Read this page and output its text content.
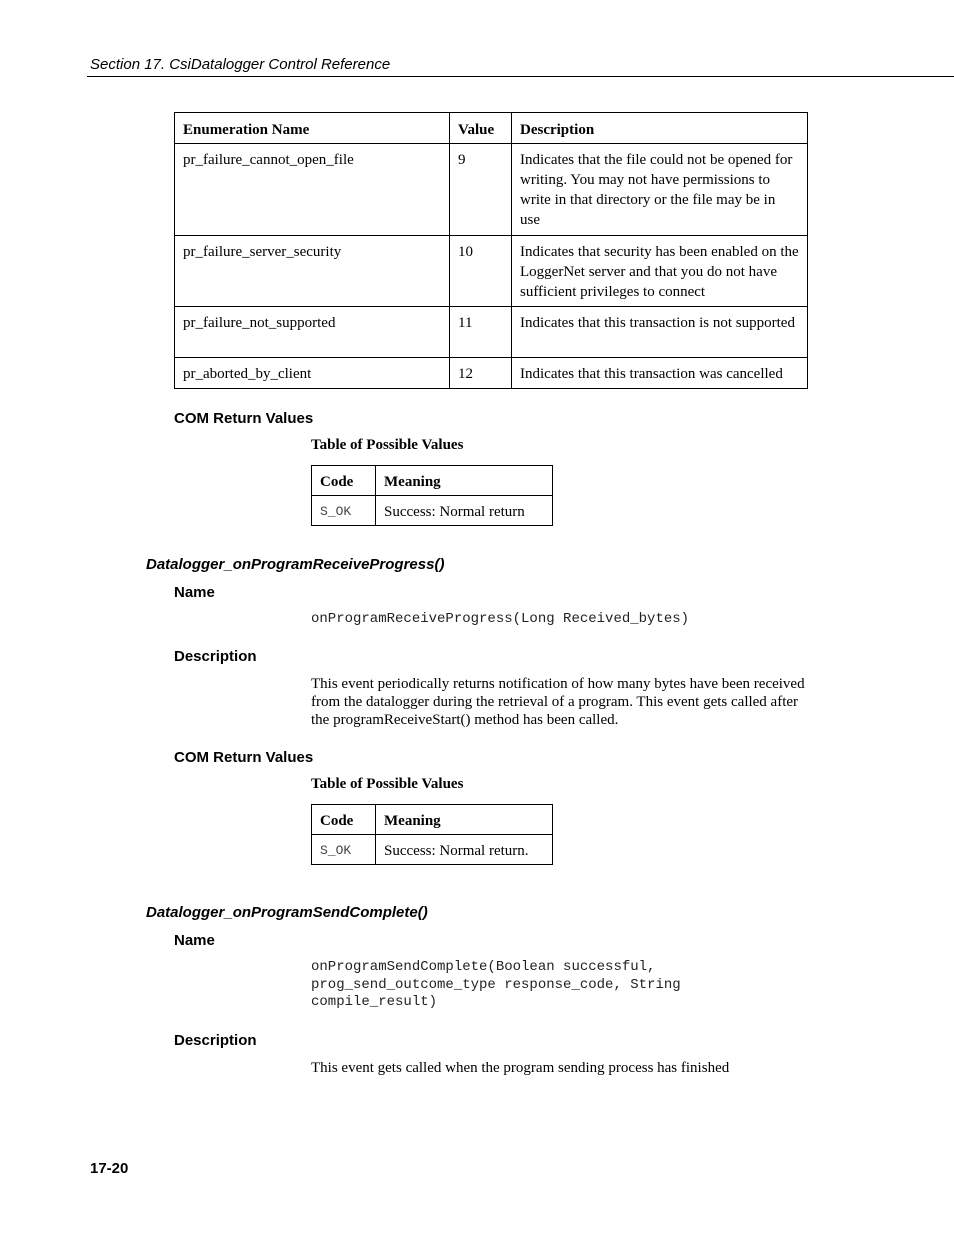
Section 17. CsiDatalogger Control Reference
Enumeration Name	Value	Description
pr_failure_cannot_open_file	9	Indicates that the file could not be opened for writing. You may not have permissions to write in that directory or the file may be in use
pr_failure_server_security	10	Indicates that security has been enabled on the LoggerNet server and that you do not have sufficient privileges to connect
pr_failure_not_supported	11	Indicates that this transaction is not supported
pr_aborted_by_client	12	Indicates that this transaction was cancelled
COM Return Values
Table of Possible Values
Code	Meaning
S_OK	Success: Normal return
Datalogger_onProgramReceiveProgress()
Name
onProgramReceiveProgress(Long Received_bytes)
Description
This event periodically returns notification of how many bytes have been received from the datalogger during the retrieval of a program. This event gets called after the programReceiveStart() method has been called.
COM Return Values
Table of Possible Values
Code	Meaning
S_OK	Success: Normal return.
Datalogger_onProgramSendComplete()
Name
onProgramSendComplete(Boolean successful,
prog_send_outcome_type response_code, String
compile_result)
Description
This event gets called when the program sending process has finished
17-20
